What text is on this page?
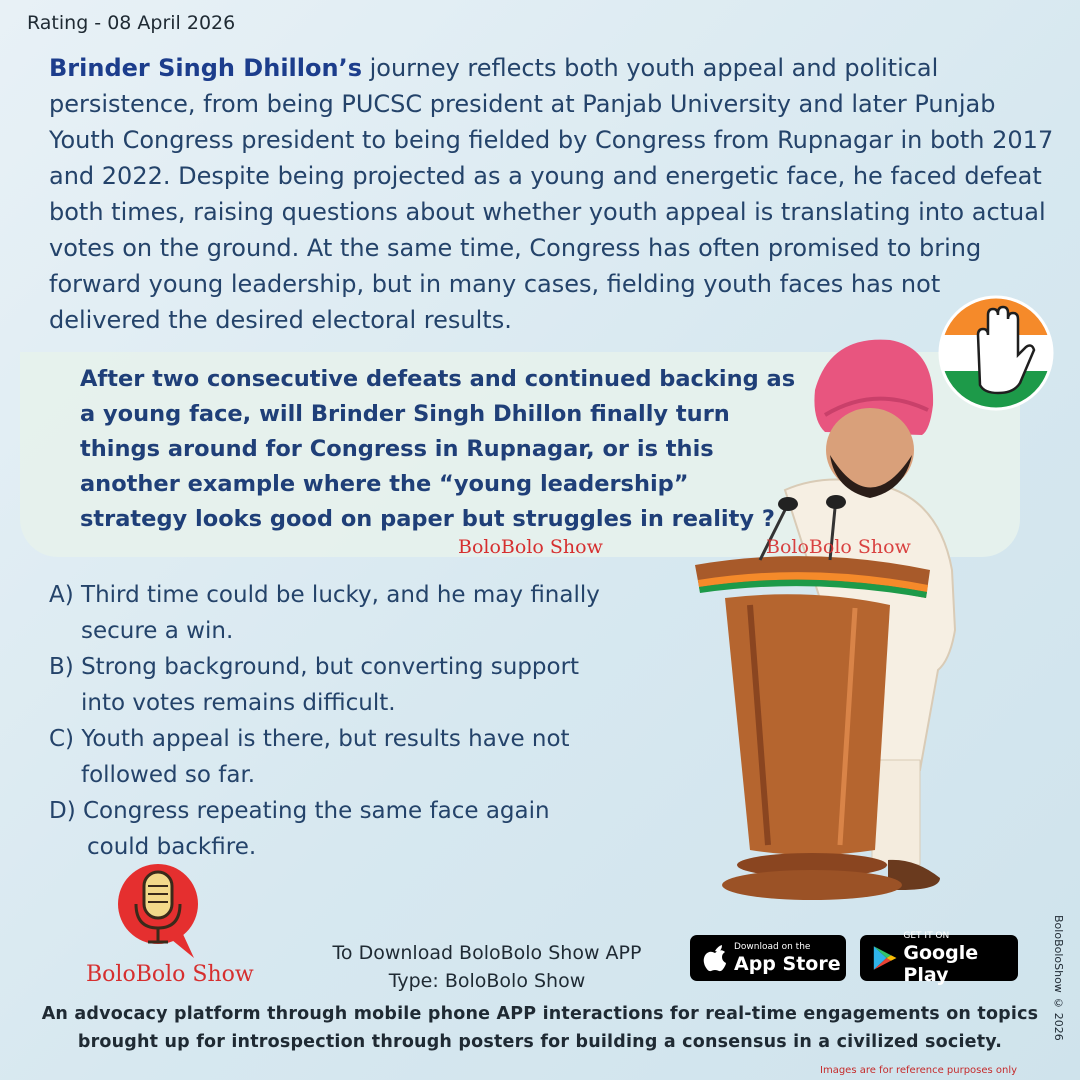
Rating - 08 April 2026
Brinder Singh Dhillon’s journey reflects both youth appeal and political persistence, from being PUCSC president at Panjab University and later Punjab Youth Congress president to being fielded by Congress from Rupnagar in both 2017 and 2022. Despite being projected as a young and energetic face, he faced defeat both times, raising questions about whether youth appeal is translating into actual votes on the ground. At the same time, Congress has often promised to bring forward young leadership, but in many cases, fielding youth faces has not delivered the desired electoral results.
After two consecutive defeats and continued backing as a young face, will Brinder Singh Dhillon finally turn things around for Congress in Rupnagar, or is this another example where the “young leadership” strategy looks good on paper but struggles in reality ?
BoloBolo Show	BoloBolo Show
A) Third time could be lucky, and he may finally
secure a win.
B) Strong background, but converting support
into votes remains difficult.
C) Youth appeal is there, but results have not
followed so far.
D) Congress repeating the same face again
could backfire.
BoloBolo Show
To Download BoloBolo Show APP
Type: BoloBolo Show
Download on the
App Store
GET IT ON
Google Play
An advocacy platform through mobile phone APP interactions for real-time engagements on topics brought up for introspection through posters for building a consensus in a civilized society.
Images are for reference purposes only
BoloBoloShow © 2026
